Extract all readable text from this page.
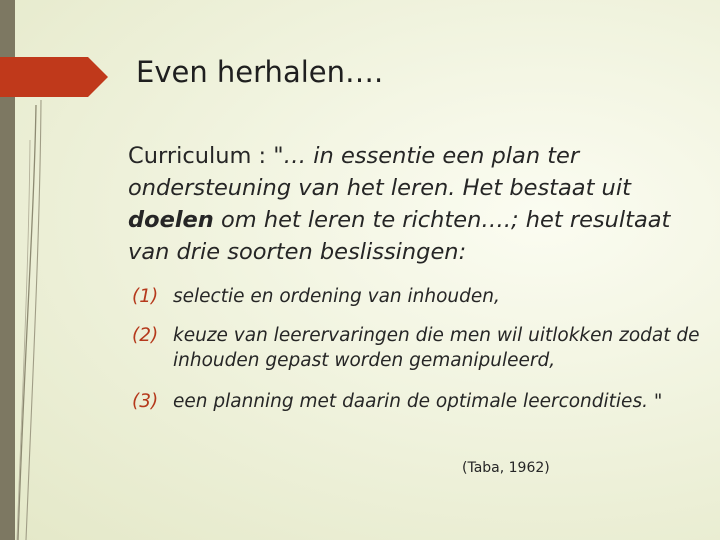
Even herhalen….
Curriculum : "… in essentie een plan ter ondersteuning van het leren. Het bestaat uit doelen om het leren te richten….; het resultaat van drie soorten beslissingen:
(1) selectie en ordening van inhouden,
(2) keuze van leerervaringen die men wil uitlokken zodat de inhouden gepast worden gemanipuleerd,
(3) een planning met daarin de optimale leercondities. "
(Taba, 1962)
